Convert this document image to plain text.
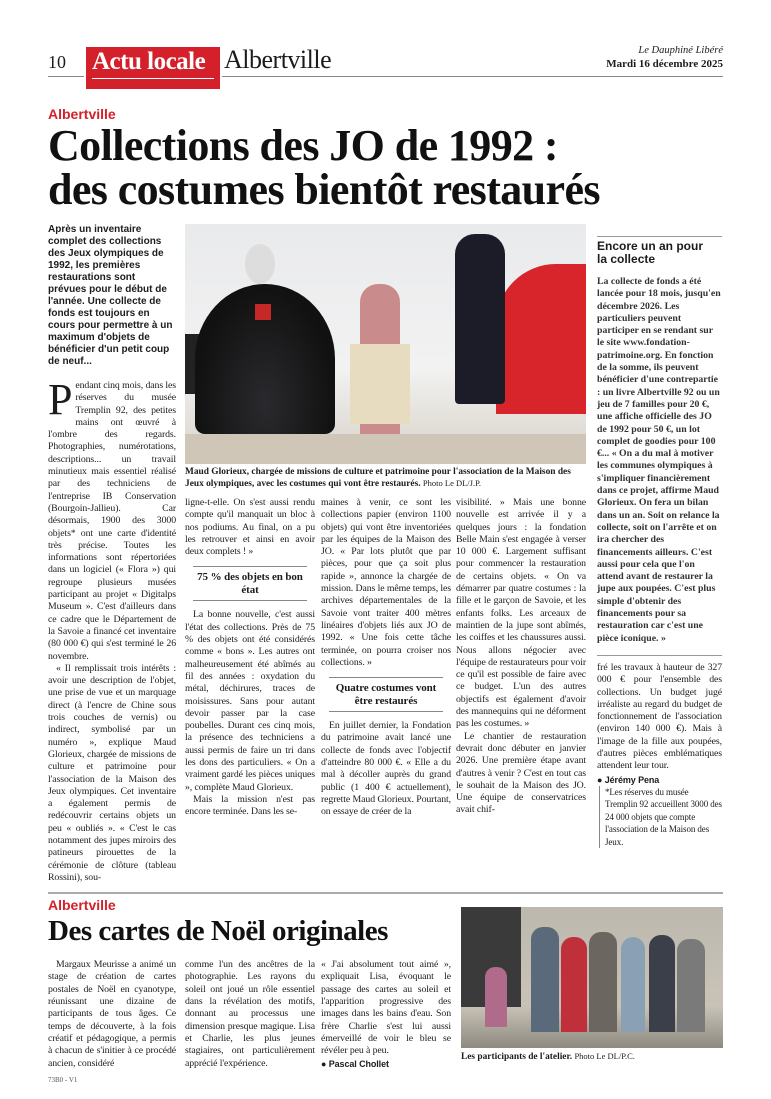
10 Actu locale Albertville	Le Dauphiné Libéré
Mardi 16 décembre 2025
Albertville
Collections des JO de 1992 :
des costumes bientôt restaurés
Après un inventaire complet des collections des Jeux olympiques de 1992, les premières restaurations sont prévues pour le début de l'année. Une collecte de fonds est toujours en cours pour permettre à un maximum d'objets de bénéficier d'un petit coup de neuf...

Pendant cinq mois, dans les réserves du musée Tremplin 92, des petites mains ont œuvré à l'ombre des regards. Photographies, numérotations, descriptions... un travail minutieux mais essentiel réalisé par des techniciens de l'entreprise IB Conservation (Bourgoin-Jallieu). Car désormais, 1900 des 3000 objets* ont une carte d'identité très précise. Toutes les informations sont répertoriées dans un logiciel (« Flora ») qui regroupe plusieurs musées participant au projet « Digitalps Museum ». C'est d'ailleurs dans ce cadre que le Département de la Savoie a financé cet inventaire (80 000 €) qui s'est terminé le 26 novembre.

« Il remplissait trois intérêts : avoir une description de l'objet, une prise de vue et un marquage direct (à l'encre de Chine sous trois couches de vernis) ou indirect, symbolisé par un numéro », explique Maud Glorieux, chargée de missions de culture et patrimoine pour l'association de la Maison des Jeux olympiques. Cet inventaire a également permis de redécouvrir certains objets un peu « oubliés ». « C'est le cas notamment des jupes miroirs des patineurs pirouettes de la cérémonie de clôture (tableau Rossini), sou-

Maud Glorieux, chargée de missions de culture et patrimoine pour l'association de la Maison des Jeux olympiques, avec les costumes qui vont être restaurés. Photo Le DL/J.P.

ligne-t-elle. On s'est aussi rendu compte qu'il manquait un bloc à nos podiums. Au final, on a pu les retrouver et ainsi en avoir deux complets ! »

75 % des objets en bon état

La bonne nouvelle, c'est aussi l'état des collections. Près de 75 % des objets ont été considérés comme « bons ». Les autres ont malheureusement été abîmés au fil des années : oxydation du métal, déchirures, traces de moisissures. Sans pour autant devoir passer par la case poubelles. Durant ces cinq mois, la présence des techniciens a aussi permis de faire un tri dans les dons des particuliers. « On a vraiment gardé les pièces uniques », complète Maud Glorieux.

Mais la mission n'est pas encore terminée. Dans les se-

maines à venir, ce sont les collections papier (environ 1100 objets) qui vont être inventoriées par les équipes de la Maison des JO. « Par lots plutôt que par pièces, pour que ça soit plus rapide », annonce la chargée de mission. Dans le même temps, les archives départementales de la Savoie vont traiter 400 mètres linéaires d'objets liés aux JO de 1992. « Une fois cette tâche terminée, on pourra croiser nos collections. »

Quatre costumes vont être restaurés

En juillet dernier, la Fondation du patrimoine avait lancé une collecte de fonds avec l'objectif d'atteindre 80 000 €. « Elle a du mal à décoller auprès du grand public (1 400 € actuellement), regrette Maud Glorieux. Pourtant, on essaye de créer de la

visibilité. » Mais une bonne nouvelle est arrivée il y a quelques jours : la fondation Belle Main s'est engagée à verser 10 000 €. Largement suffisant pour commencer la restauration de certains objets. « On va démarrer par quatre costumes : la fille et le garçon de Savoie, et les enfants folks. Les arceaux de maintien de la jupe sont abîmés, les coiffes et les chaussures aussi. Nous allons négocier avec l'équipe de restaurateurs pour voir ce qu'il est possible de faire avec ce budget. L'un des autres objectifs est également d'avoir des mannequins qui ne déforment pas les costumes. »

Le chantier de restauration devrait donc débuter en janvier 2026. Une première étape avant d'autres à venir ? C'est en tout cas le souhait de la Maison des JO. Une équipe de conservatrices avait chif-

Encore un an pour la collecte
La collecte de fonds a été lancée pour 18 mois, jusqu'en décembre 2026. Les particuliers peuvent participer en se rendant sur le site www.fondation-patrimoine.org. En fonction de la somme, ils peuvent bénéficier d'une contrepartie : un livre Albertville 92 ou un jeu de 7 familles pour 20 €, une affiche officielle des JO de 1992 pour 50 €, un lot complet de goodies pour 100 €... « On a du mal à motiver les communes olympiques à s'impliquer financièrement dans ce projet, affirme Maud Glorieux. On fera un bilan dans un an. Soit on relance la collecte, soit on l'arrête et on ira chercher des financements ailleurs. C'est aussi pour cela que l'on attend avant de restaurer la jupe aux poupées. C'est plus simple d'obtenir des financements pour sa restauration car c'est une pièce iconique. »

fré les travaux à hauteur de 327 000 € pour l'ensemble des collections. Un budget jugé irréaliste au regard du budget de fonctionnement de l'association (environ 140 000 €). Mais à l'image de la fille aux poupées, d'autres pièces emblématiques attendent leur tour.

● Jérémy Pena
*Les réserves du musée Tremplin 92 accueillent 3000 des 24 000 objets que compte l'association de la Maison des Jeux.
Albertville
Des cartes de Noël originales

Margaux Meurisse a animé un stage de création de cartes postales de Noël en cyanotype, réunissant une dizaine de participants de tous âges. Ce temps de découverte, à la fois créatif et pédagogique, a permis à chacun de s'initier à ce procédé ancien, considéré

comme l'un des ancêtres de la photographie. Les rayons du soleil ont joué un rôle essentiel dans la révélation des motifs, donnant au processus une dimension presque magique. Lisa et Charlie, les plus jeunes stagiaires, ont particulièrement apprécié l'expérience.

« J'ai absolument tout aimé », expliquait Lisa, évoquant le passage des cartes au soleil et l'apparition progressive des images dans les bains d'eau. Son frère Charlie s'est lui aussi émerveillé de voir le bleu se révéler peu à peu.

● Pascal Chollet
Les participants de l'atelier. Photo Le DL/P.C.
73B0 - V1
